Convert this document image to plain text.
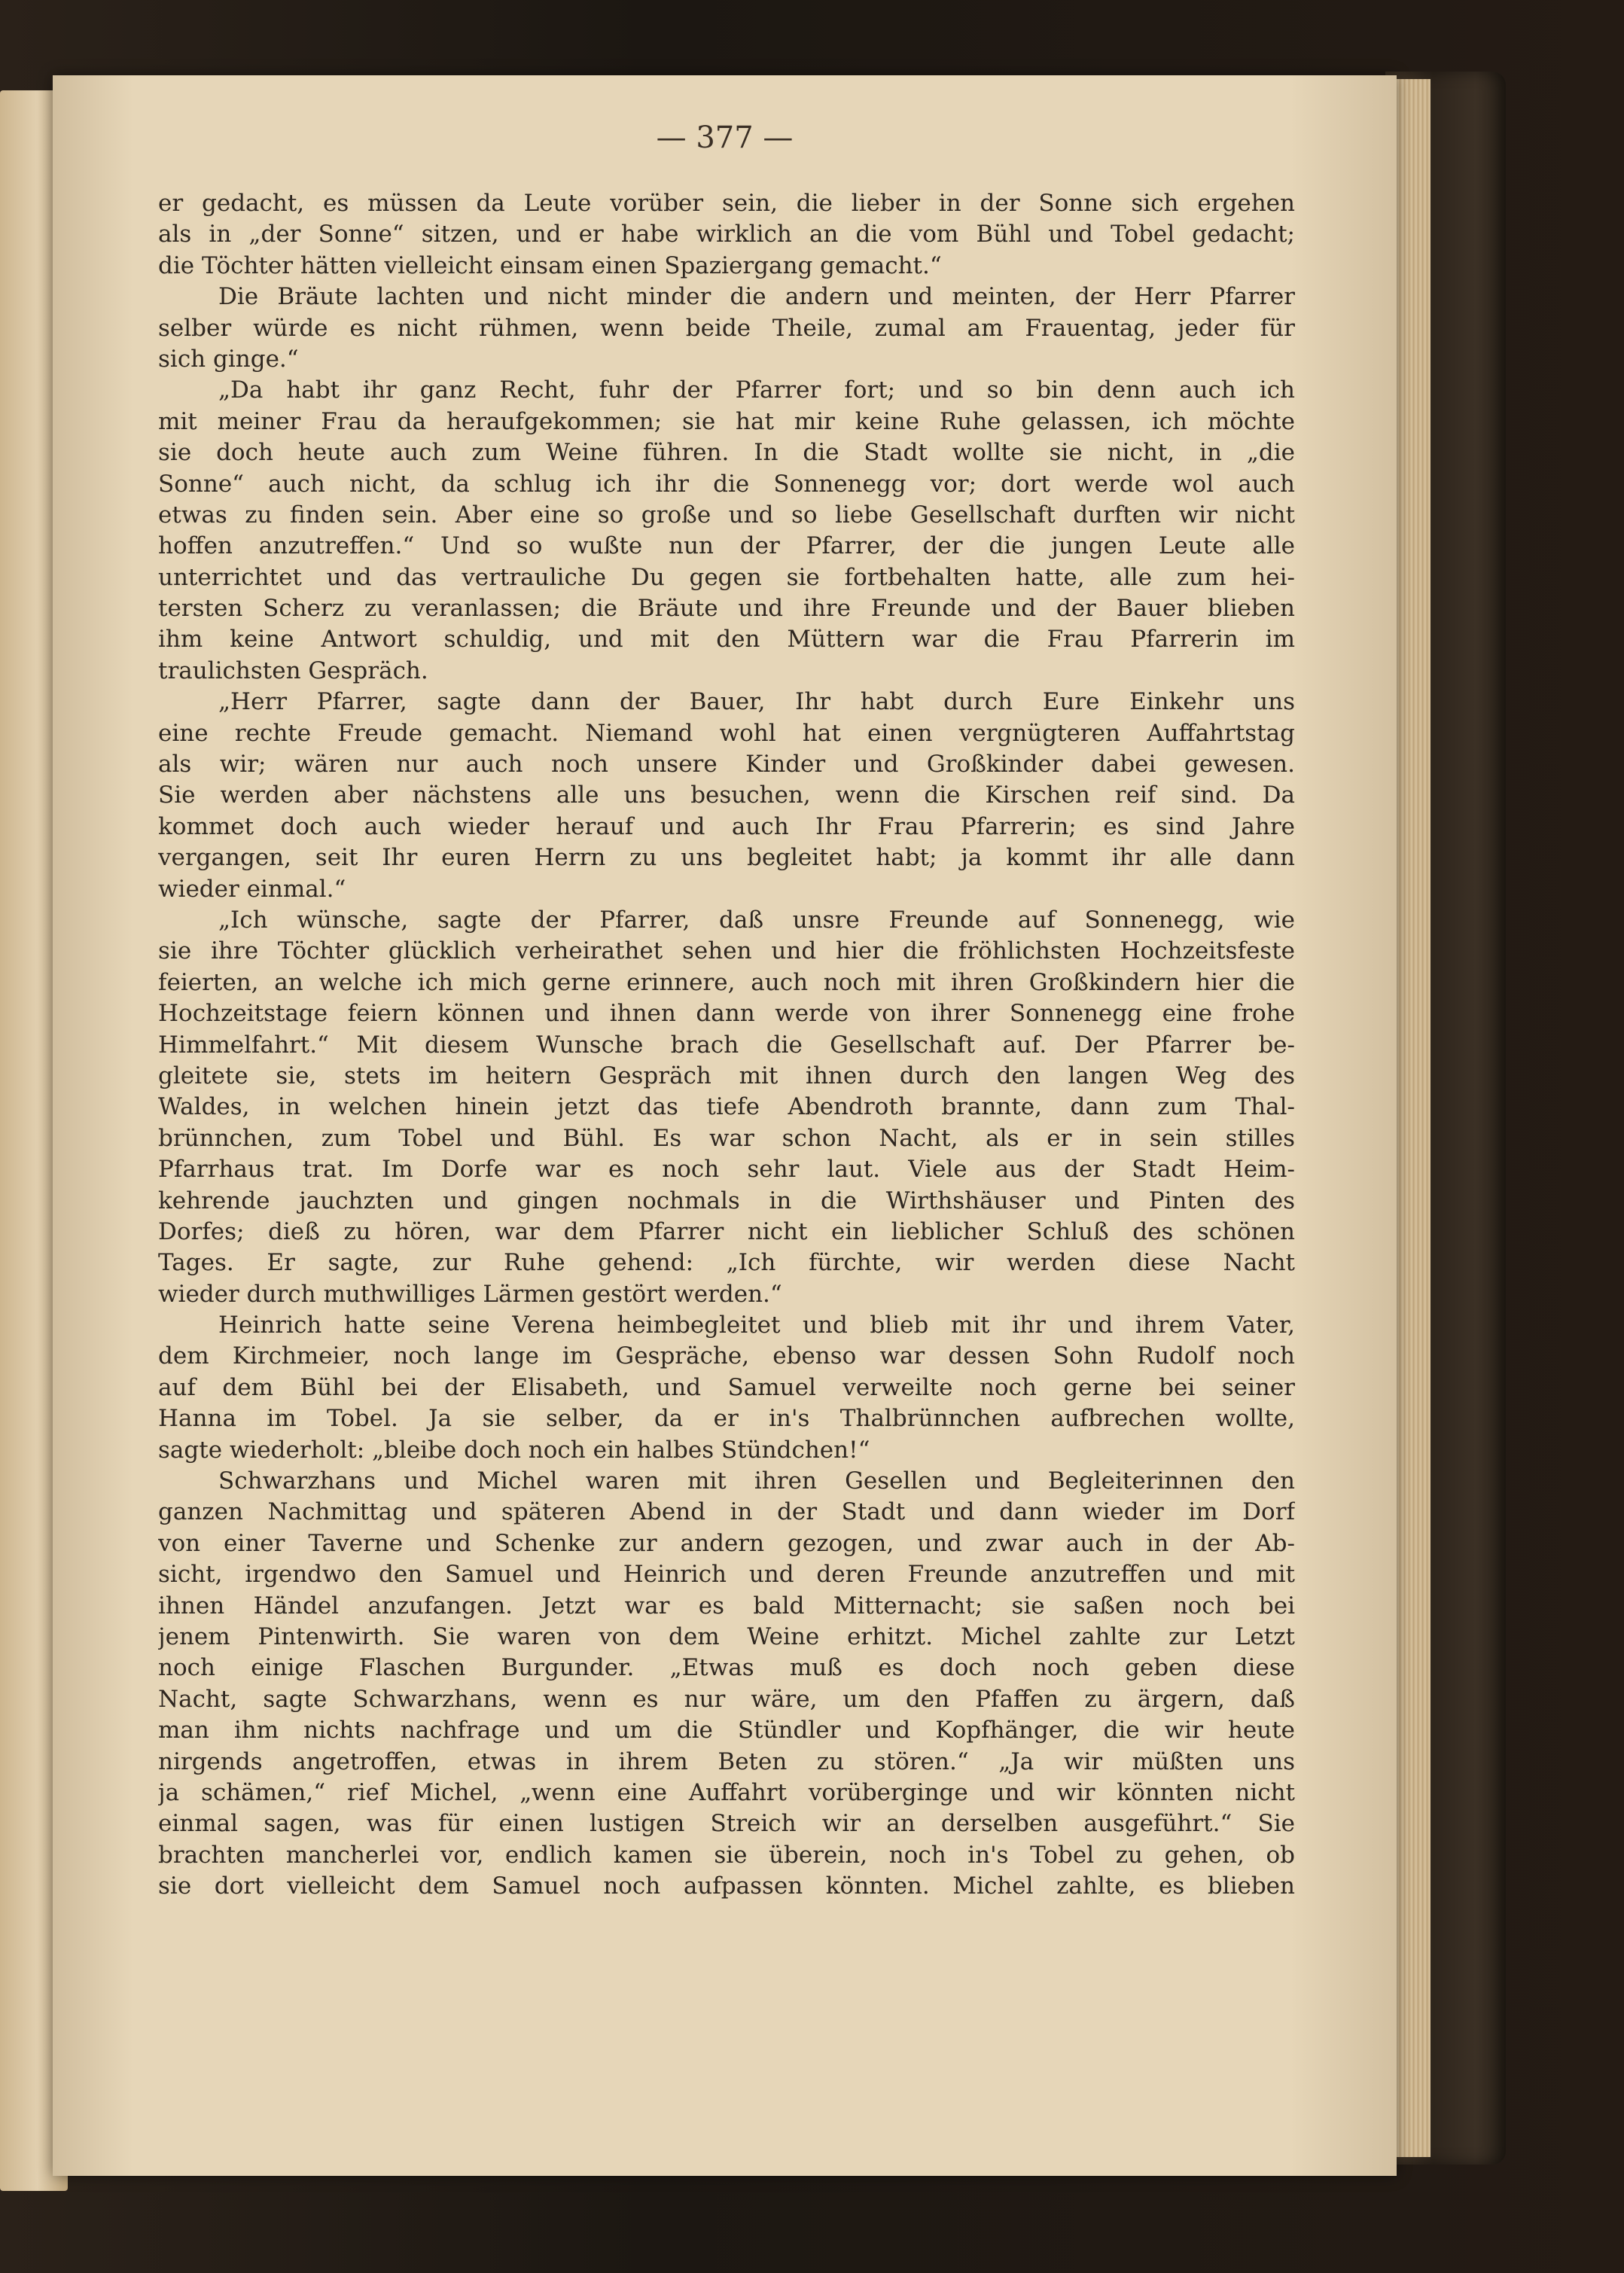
— 377 —
er gedacht, es müssen da Leute vorüber sein, die lieber in der Sonne sich ergehen
als in „der Sonne“ sitzen, und er habe wirklich an die vom Bühl und Tobel gedacht;
die Töchter hätten vielleicht einsam einen Spaziergang gemacht.“
Die Bräute lachten und nicht minder die andern und meinten, der Herr Pfarrer
selber würde es nicht rühmen, wenn beide Theile, zumal am Frauentag, jeder für
sich ginge.“
„Da habt ihr ganz Recht, fuhr der Pfarrer fort; und so bin denn auch ich
mit meiner Frau da heraufgekommen; sie hat mir keine Ruhe gelassen, ich möchte
sie doch heute auch zum Weine führen. In die Stadt wollte sie nicht, in „die
Sonne“ auch nicht, da schlug ich ihr die Sonnenegg vor; dort werde wol auch
etwas zu finden sein. Aber eine so große und so liebe Gesellschaft durften wir nicht
hoffen anzutreffen.“ Und so wußte nun der Pfarrer, der die jungen Leute alle
unterrichtet und das vertrauliche Du gegen sie fortbehalten hatte, alle zum hei-
tersten Scherz zu veranlassen; die Bräute und ihre Freunde und der Bauer blieben
ihm keine Antwort schuldig, und mit den Müttern war die Frau Pfarrerin im
traulichsten Gespräch.
„Herr Pfarrer, sagte dann der Bauer, Ihr habt durch Eure Einkehr uns
eine rechte Freude gemacht. Niemand wohl hat einen vergnügteren Auffahrtstag
als wir; wären nur auch noch unsere Kinder und Großkinder dabei gewesen.
Sie werden aber nächstens alle uns besuchen, wenn die Kirschen reif sind. Da
kommet doch auch wieder herauf und auch Ihr Frau Pfarrerin; es sind Jahre
vergangen, seit Ihr euren Herrn zu uns begleitet habt; ja kommt ihr alle dann
wieder einmal.“
„Ich wünsche, sagte der Pfarrer, daß unsre Freunde auf Sonnenegg, wie
sie ihre Töchter glücklich verheirathet sehen und hier die fröhlichsten Hochzeitsfeste
feierten, an welche ich mich gerne erinnere, auch noch mit ihren Großkindern hier die
Hochzeitstage feiern können und ihnen dann werde von ihrer Sonnenegg eine frohe
Himmelfahrt.“ Mit diesem Wunsche brach die Gesellschaft auf. Der Pfarrer be-
gleitete sie, stets im heitern Gespräch mit ihnen durch den langen Weg des
Waldes, in welchen hinein jetzt das tiefe Abendroth brannte, dann zum Thal-
brünnchen, zum Tobel und Bühl. Es war schon Nacht, als er in sein stilles
Pfarrhaus trat. Im Dorfe war es noch sehr laut. Viele aus der Stadt Heim-
kehrende jauchzten und gingen nochmals in die Wirthshäuser und Pinten des
Dorfes; dieß zu hören, war dem Pfarrer nicht ein lieblicher Schluß des schönen
Tages. Er sagte, zur Ruhe gehend: „Ich fürchte, wir werden diese Nacht
wieder durch muthwilliges Lärmen gestört werden.“
Heinrich hatte seine Verena heimbegleitet und blieb mit ihr und ihrem Vater,
dem Kirchmeier, noch lange im Gespräche, ebenso war dessen Sohn Rudolf noch
auf dem Bühl bei der Elisabeth, und Samuel verweilte noch gerne bei seiner
Hanna im Tobel. Ja sie selber, da er in's Thalbrünnchen aufbrechen wollte,
sagte wiederholt: „bleibe doch noch ein halbes Stündchen!“
Schwarzhans und Michel waren mit ihren Gesellen und Begleiterinnen den
ganzen Nachmittag und späteren Abend in der Stadt und dann wieder im Dorf
von einer Taverne und Schenke zur andern gezogen, und zwar auch in der Ab-
sicht, irgendwo den Samuel und Heinrich und deren Freunde anzutreffen und mit
ihnen Händel anzufangen. Jetzt war es bald Mitternacht; sie saßen noch bei
jenem Pintenwirth. Sie waren von dem Weine erhitzt. Michel zahlte zur Letzt
noch einige Flaschen Burgunder. „Etwas muß es doch noch geben diese
Nacht, sagte Schwarzhans, wenn es nur wäre, um den Pfaffen zu ärgern, daß
man ihm nichts nachfrage und um die Stündler und Kopfhänger, die wir heute
nirgends angetroffen, etwas in ihrem Beten zu stören.“ „Ja wir müßten uns
ja schämen,“ rief Michel, „wenn eine Auffahrt vorüberginge und wir könnten nicht
einmal sagen, was für einen lustigen Streich wir an derselben ausgeführt.“ Sie
brachten mancherlei vor, endlich kamen sie überein, noch in's Tobel zu gehen, ob
sie dort vielleicht dem Samuel noch aufpassen könnten. Michel zahlte, es blieben
